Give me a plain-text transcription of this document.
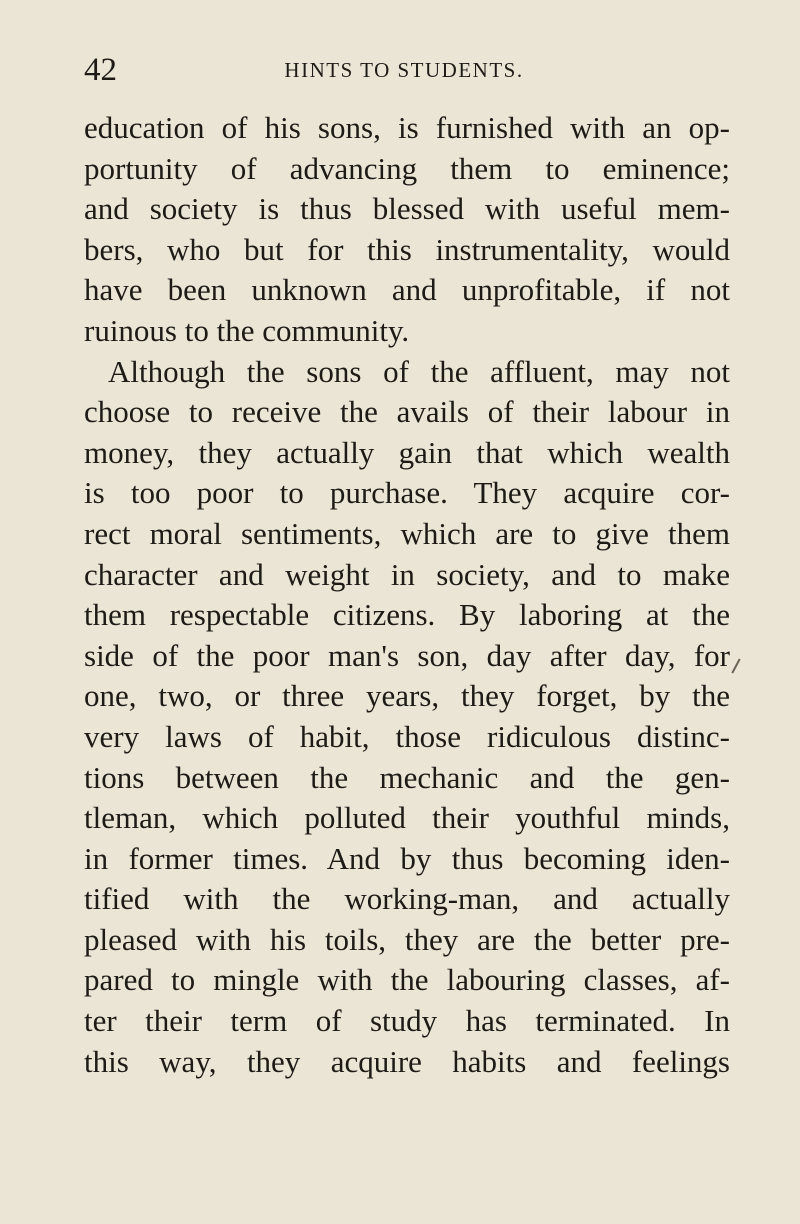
42	HINTS TO STUDENTS.
education of his sons, is furnished with an op-
portunity of advancing them to eminence;
and society is thus blessed with useful mem-
bers, who but for this instrumentality, would
have been unknown and unprofitable, if not
ruinous to the community.
Although the sons of the affluent, may not
choose to receive the avails of their labour in
money, they actually gain that which wealth
is too poor to purchase. They acquire cor-
rect moral sentiments, which are to give them
character and weight in society, and to make
them respectable citizens. By laboring at the
side of the poor man's son, day after day, for
one, two, or three years, they forget, by the
very laws of habit, those ridiculous distinc-
tions between the mechanic and the gen-
tleman, which polluted their youthful minds,
in former times. And by thus becoming iden-
tified with the working-man, and actually
pleased with his toils, they are the better pre-
pared to mingle with the labouring classes, af-
ter their term of study has terminated. In
this way, they acquire habits and feelings
